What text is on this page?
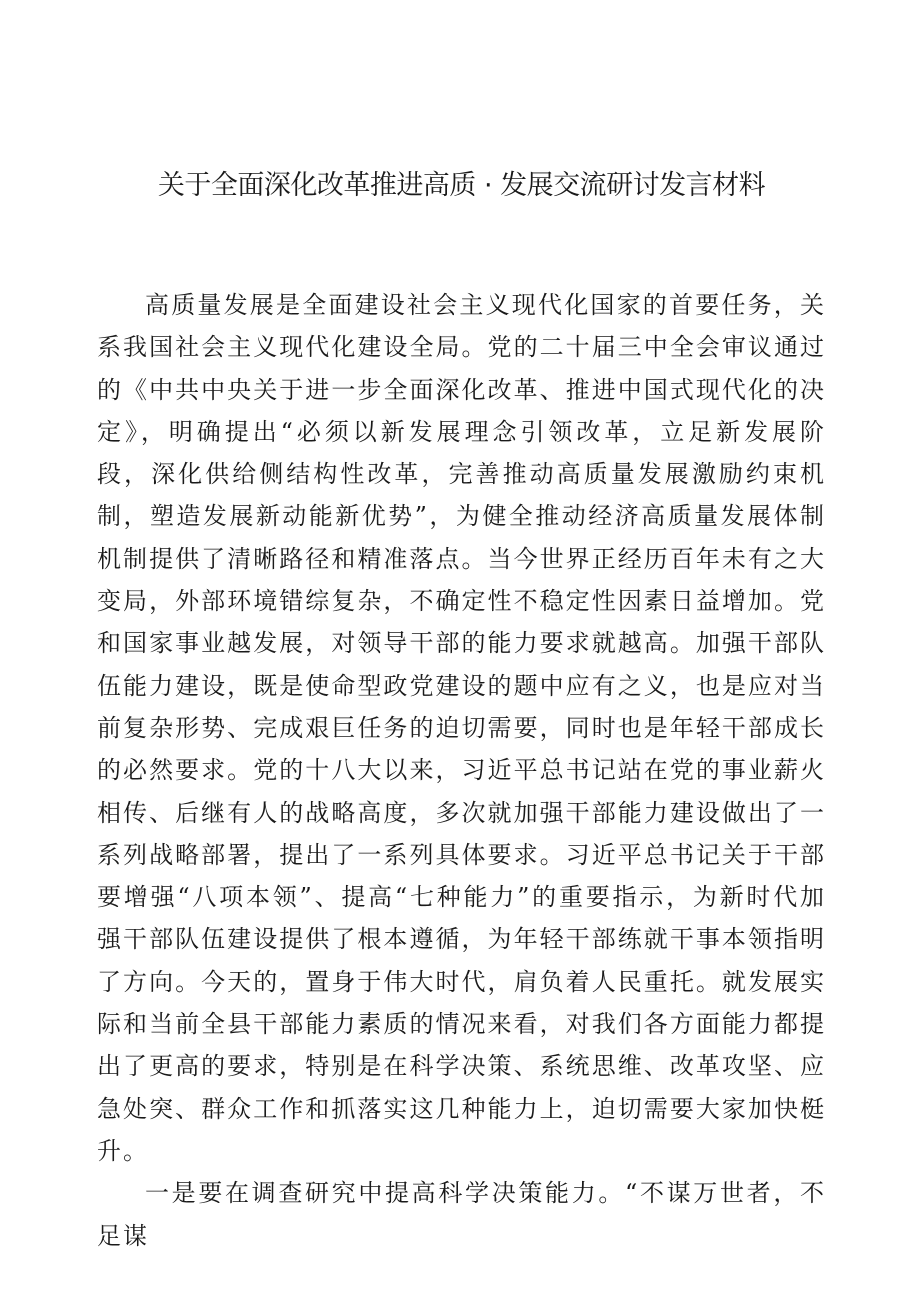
关于全面深化改革推进高质 · 发展交流研讨发言材料

高质量发展是全面建设社会主义现代化国家的首要任务，关系我国社会主义现代化建设全局。党的二十届三中全会审议通过的《中共中央关于进一步全面深化改革、推进中国式现代化的决定》，明确提出“必须以新发展理念引领改革，立足新发展阶段，深化供给侧结构性改革，完善推动高质量发展激励约束机制，塑造发展新动能新优势”，为健全推动经济高质量发展体制机制提供了清晰路径和精准落点。当今世界正经历百年未有之大变局，外部环境错综复杂，不确定性不稳定性因素日益增加。党和国家事业越发展，对领导干部的能力要求就越高。加强干部队伍能力建设，既是使命型政党建设的题中应有之义，也是应对当前复杂形势、完成艰巨任务的迫切需要，同时也是年轻干部成长的必然要求。党的十八大以来，习近平总书记站在党的事业薪火相传、后继有人的战略高度，多次就加强干部能力建设做出了一系列战略部署，提出了一系列具体要求。习近平总书记关于干部要增强“八项本领”、提高“七种能力”的重要指示，为新时代加强干部队伍建设提供了根本遵循，为年轻干部练就干事本领指明了方向。今天的，置身于伟大时代，肩负着人民重托。就发展实际和当前全县干部能力素质的情况来看，对我们各方面能力都提出了更高的要求，特别是在科学决策、系统思维、改革攻坚、应急处突、群众工作和抓落实这几种能力上，迫切需要大家加快梃升。

一是要在调查研究中提高科学决策能力。“不谋万世者，不足谋
